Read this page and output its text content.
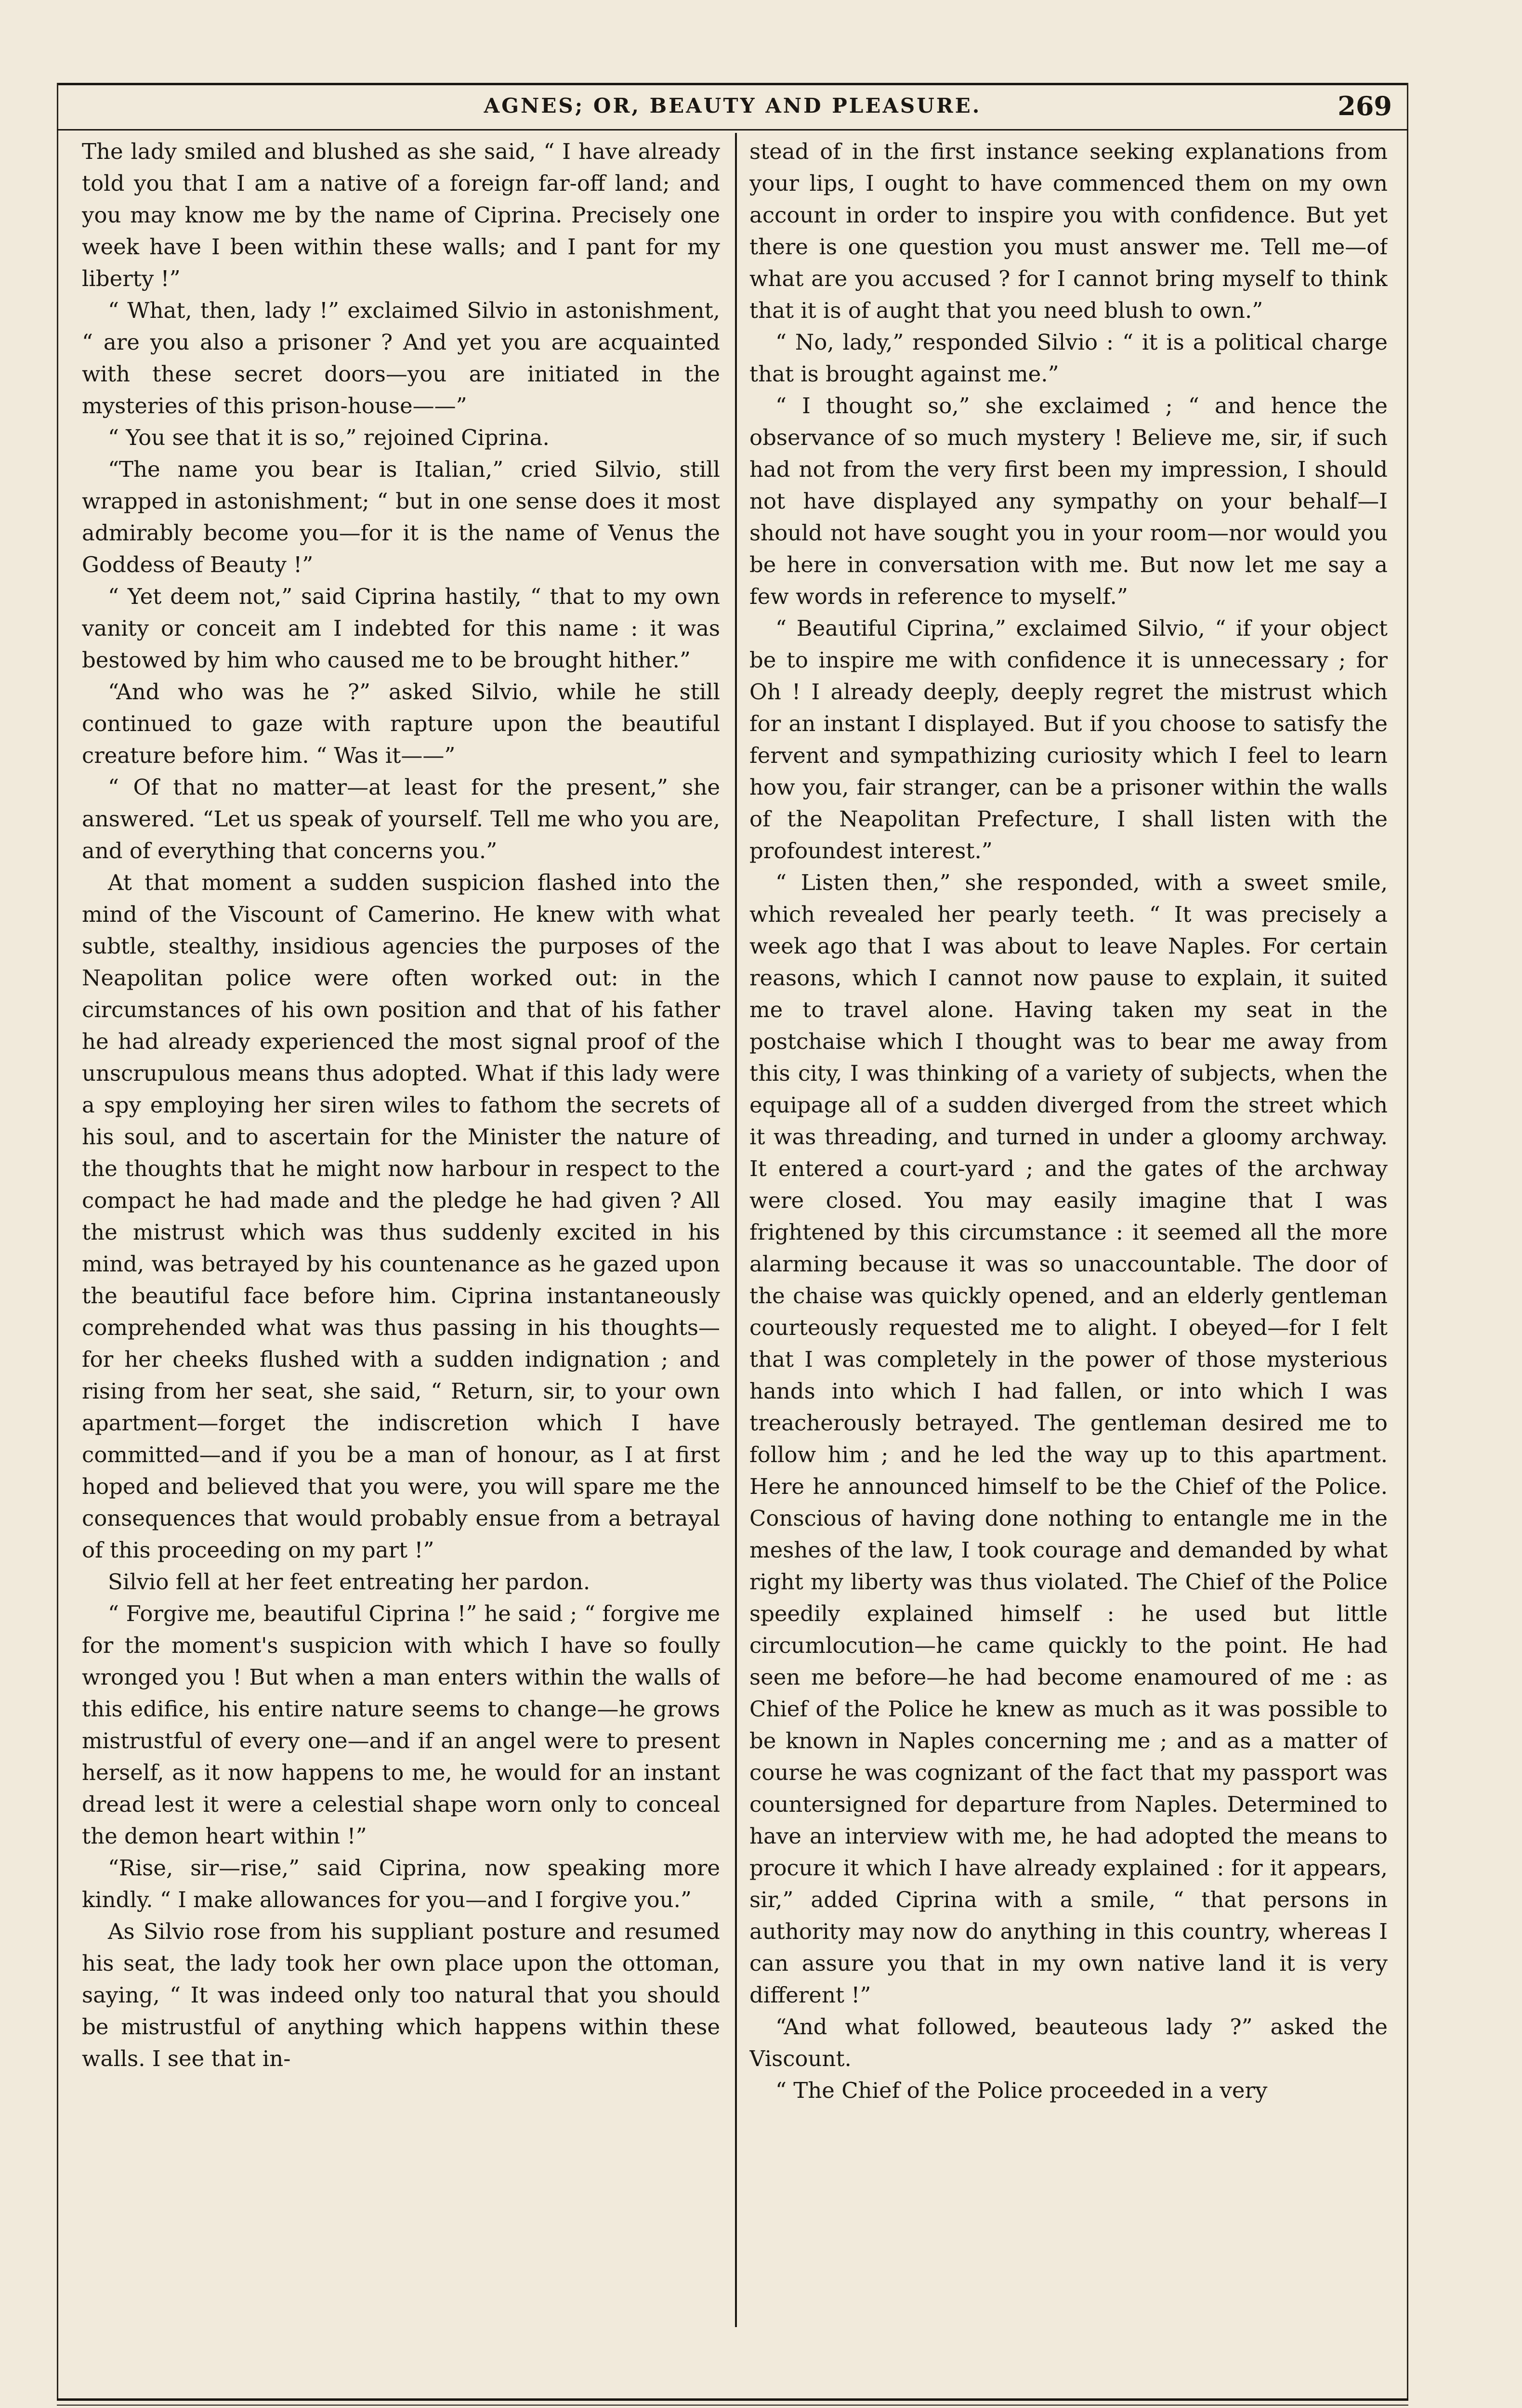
AGNES; OR, BEAUTY AND PLEASURE.	269

The lady smiled and blushed as she said, “ I have already told you that I am a native of a foreign far-off land; and you may know me by the name of Ciprina. Precisely one week have I been within these walls; and I pant for my liberty !”

“ What, then, lady !” exclaimed Silvio in astonishment, “ are you also a prisoner ? And yet you are acquainted with these secret doors—you are initiated in the mysteries of this prison-house——”

“ You see that it is so,” rejoined Ciprina.

“The name you bear is Italian,” cried Silvio, still wrapped in astonishment; “ but in one sense does it most admirably become you—for it is the name of Venus the Goddess of Beauty !”

“ Yet deem not,” said Ciprina hastily, “ that to my own vanity or conceit am I indebted for this name : it was bestowed by him who caused me to be brought hither.”

“And who was he ?” asked Silvio, while he still continued to gaze with rapture upon the beautiful creature before him. “ Was it——”

“ Of that no matter—at least for the present,” she answered. “Let us speak of yourself. Tell me who you are, and of everything that concerns you.”

At that moment a sudden suspicion flashed into the mind of the Viscount of Camerino. He knew with what subtle, stealthy, insidious agencies the purposes of the Neapolitan police were often worked out: in the circumstances of his own position and that of his father he had already experienced the most signal proof of the unscrupulous means thus adopted. What if this lady were a spy employing her siren wiles to fathom the secrets of his soul, and to ascertain for the Minister the nature of the thoughts that he might now harbour in respect to the compact he had made and the pledge he had given ? All the mistrust which was thus suddenly excited in his mind, was betrayed by his countenance as he gazed upon the beautiful face before him. Ciprina instantaneously comprehended what was thus passing in his thoughts—for her cheeks flushed with a sudden indignation ; and rising from her seat, she said, “ Return, sir, to your own apartment—forget the indiscretion which I have committed—and if you be a man of honour, as I at first hoped and believed that you were, you will spare me the consequences that would probably ensue from a betrayal of this proceeding on my part !”

Silvio fell at her feet entreating her pardon.

“ Forgive me, beautiful Ciprina !” he said ; “ forgive me for the moment's suspicion with which I have so foully wronged you ! But when a man enters within the walls of this edifice, his entire nature seems to change—he grows mistrustful of every one—and if an angel were to present herself, as it now happens to me, he would for an instant dread lest it were a celestial shape worn only to conceal the demon heart within !”

“Rise, sir—rise,” said Ciprina, now speaking more kindly. “ I make allowances for you—and I forgive you.”

As Silvio rose from his suppliant posture and resumed his seat, the lady took her own place upon the ottoman, saying, “ It was indeed only too natural that you should be mistrustful of anything which happens within these walls. I see that in-

stead of in the first instance seeking explanations from your lips, I ought to have commenced them on my own account in order to inspire you with confidence. But yet there is one question you must answer me. Tell me—of what are you accused ? for I cannot bring myself to think that it is of aught that you need blush to own.”

“ No, lady,” responded Silvio : “ it is a political charge that is brought against me.”

“ I thought so,” she exclaimed ; “ and hence the observance of so much mystery ! Believe me, sir, if such had not from the very first been my impression, I should not have displayed any sympathy on your behalf—I should not have sought you in your room—nor would you be here in conversation with me. But now let me say a few words in reference to myself.”

“ Beautiful Ciprina,” exclaimed Silvio, “ if your object be to inspire me with confidence it is unnecessary ; for Oh ! I already deeply, deeply regret the mistrust which for an instant I displayed. But if you choose to satisfy the fervent and sympathizing curiosity which I feel to learn how you, fair stranger, can be a prisoner within the walls of the Neapolitan Prefecture, I shall listen with the profoundest interest.”

“ Listen then,” she responded, with a sweet smile, which revealed her pearly teeth. “ It was precisely a week ago that I was about to leave Naples. For certain reasons, which I cannot now pause to explain, it suited me to travel alone. Having taken my seat in the postchaise which I thought was to bear me away from this city, I was thinking of a variety of subjects, when the equipage all of a sudden diverged from the street which it was threading, and turned in under a gloomy archway. It entered a court-yard ; and the gates of the archway were closed. You may easily imagine that I was frightened by this circumstance : it seemed all the more alarming because it was so unaccountable. The door of the chaise was quickly opened, and an elderly gentleman courteously requested me to alight. I obeyed—for I felt that I was completely in the power of those mysterious hands into which I had fallen, or into which I was treacherously betrayed. The gentleman desired me to follow him ; and he led the way up to this apartment. Here he announced himself to be the Chief of the Police. Conscious of having done nothing to entangle me in the meshes of the law, I took courage and demanded by what right my liberty was thus violated. The Chief of the Police speedily explained himself : he used but little circumlocution—he came quickly to the point. He had seen me before—he had become enamoured of me : as Chief of the Police he knew as much as it was possible to be known in Naples concerning me ; and as a matter of course he was cognizant of the fact that my passport was countersigned for departure from Naples. Determined to have an interview with me, he had adopted the means to procure it which I have already explained : for it appears, sir,” added Ciprina with a smile, “ that persons in authority may now do anything in this country, whereas I can assure you that in my own native land it is very different !”

“And what followed, beauteous lady ?” asked the Viscount.

“ The Chief of the Police proceeded in a very
